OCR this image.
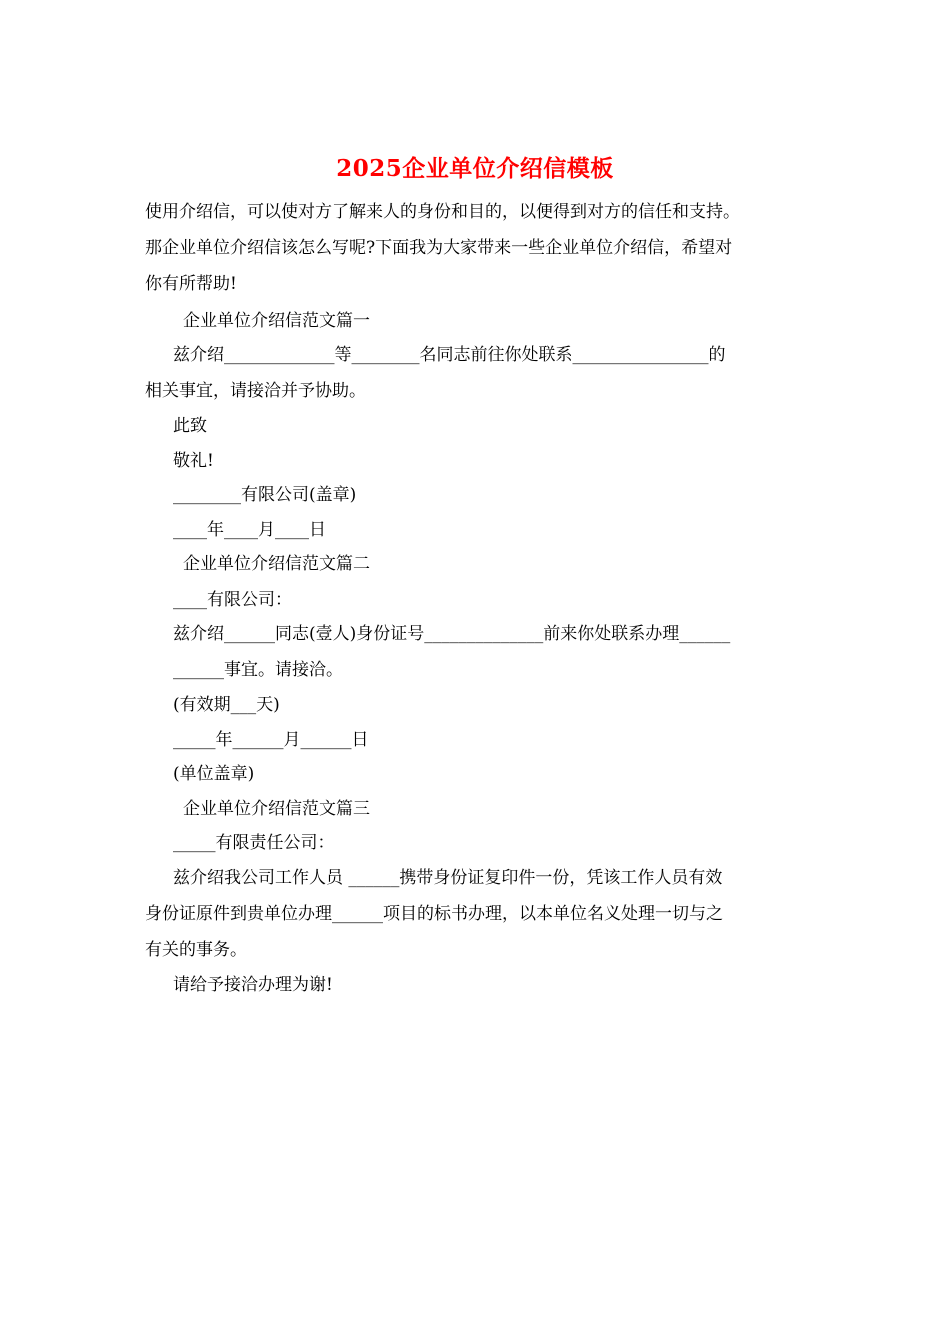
2025企业单位介绍信模板
使用介绍信，可以使对方了解来人的身份和目的，以便得到对方的信任和支持。
那企业单位介绍信该怎么写呢?下面我为大家带来一些企业单位介绍信，希望对
你有所帮助!
企业单位介绍信范文篇一
兹介绍_____________等________名同志前往你处联系________________的
相关事宜，请接洽并予协助。
此致
敬礼!
________有限公司(盖章)
____年____月____日
企业单位介绍信范文篇二
____有限公司：
兹介绍______同志(壹人)身份证号______________前来你处联系办理______
______事宜。请接洽。
(有效期___天)
_____年______月______日
(单位盖章)
企业单位介绍信范文篇三
_____有限责任公司：
兹介绍我公司工作人员 ______携带身份证复印件一份，凭该工作人员有效
身份证原件到贵单位办理______项目的标书办理，以本单位名义处理一切与之
有关的事务。
请给予接洽办理为谢!
